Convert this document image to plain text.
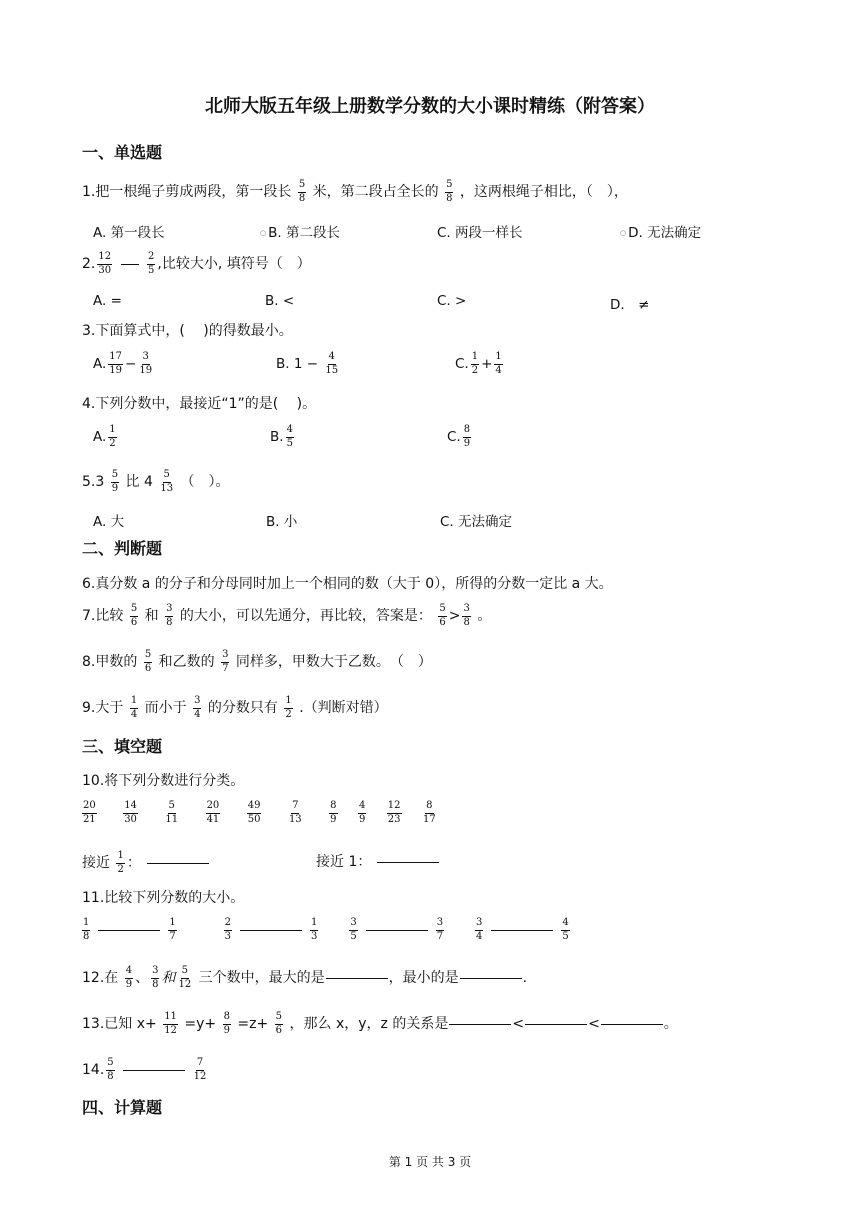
北师大版五年级上册数学分数的大小课时精练（附答案）
一、单选题
1.把一根绳子剪成两段，第一段长 $\frac{5}{8}$ 米，第二段占全长的 $\frac{5}{8}$ ，这两根绳子相比，（　），
A. 第一段长	○ B. 第二段长	C. 两段一样长	○ D. 无法确定
2. $\frac{12}{30}$
	$\frac{2}{5}$ ,比较大小, 填符号（　）
A. =	B. <	C. >	D.　≠
3.下面算式中，(　 )的得数最小。
A. $\frac{17}{19} - \frac{3}{19}$	B. $1 - \frac{4}{15}$	C. $\frac{1}{2} + \frac{1}{4}$
4.下列分数中，最接近“1”的是(　 )。
A. $\frac{1}{2}$	B. $\frac{4}{5}$	C. $\frac{8}{9}$
$5.3 \frac{5}{9}$ 比 $4 \frac{5}{13}$ （　）。
A. 大	B. 小	C. 无法确定
二、判断题
6.真分数 a 的分子和分母同时加上一个相同的数（大于 0），所得的分数一定比 a 大。
7.比较 $\frac{5}{6}$ 和 $\frac{3}{8}$ 的大小，可以先通分，再比较，答案是： $\frac{5}{6} > \frac{3}{8}$ 。
8.甲数的 $\frac{5}{6}$ 和乙数的 $\frac{3}{7}$ 同样多，甲数大于乙数。　（　）
9.大于 $\frac{1}{4}$ 而小于 $\frac{3}{4}$ 的分数只有 $\frac{1}{2}$ .（判断对错）
三、填空题
10.将下列分数进行分类。
$\frac{20}{21}$
	$\frac{14}{30}$
	$\frac{5}{11}$
	$\frac{20}{41}$
	$\frac{49}{50}$
	$\frac{7}{13}$
	$\frac{8}{9}$
$\frac{4}{9}$
$\frac{12}{23}$
$\frac{8}{17}$
接近 $\frac{1}{2}$ ：	接近 1：
11.比较下列分数的大小。
$\frac{1}{8}$	$\frac{1}{7}$
	$\frac{2}{3}$	$\frac{1}{3}$
	$\frac{3}{5}$	$\frac{3}{7}$
	$\frac{3}{4}$	$\frac{4}{5}$
12.在 $\frac{4}{9}$ 、 $\frac{3}{8}$ 和 $\frac{5}{12}$ 三个数中，最大的是	，最小的是	.
13.已知 $x+ \frac{11}{12} =y+ \frac{8}{9} =z+ \frac{5}{6}$ ，那么 x，y，z 的关系是	<	<	。
14. $\frac{5}{8}$	$\frac{7}{12}$
四、计算题
第 1 页 共 3 页
